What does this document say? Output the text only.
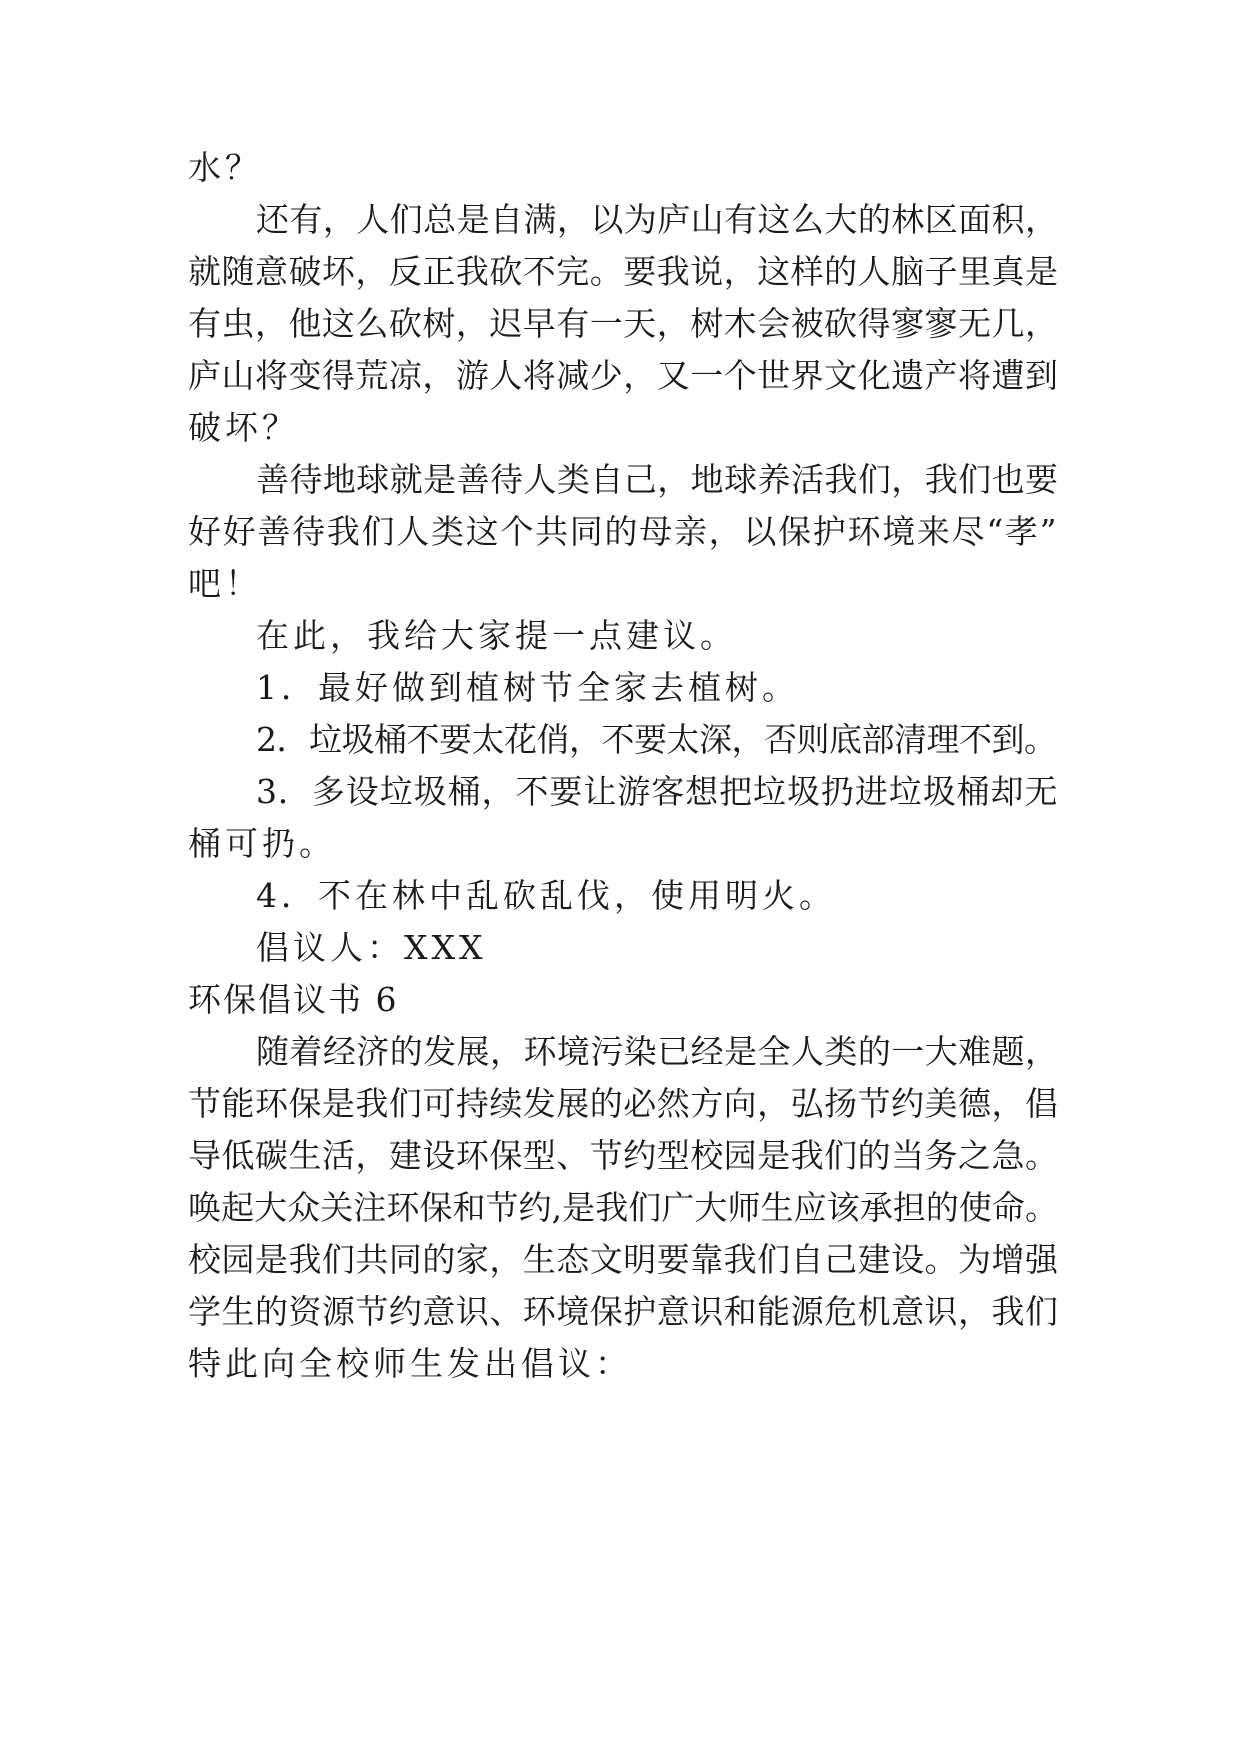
水？
还有，人们总是自满，以为庐山有这么大的林区面积，
就随意破坏，反正我砍不完。要我说，这样的人脑子里真是
有虫，他这么砍树，迟早有一天，树木会被砍得寥寥无几，
庐山将变得荒凉，游人将减少，又一个世界文化遗产将遭到
破坏？
善待地球就是善待人类自己，地球养活我们，我们也要
好好善待我们人类这个共同的母亲，以保护环境来尽“孝”
吧！
在此，我给大家提一点建议。
1．最好做到植树节全家去植树。
2．垃圾桶不要太花俏，不要太深，否则底部清理不到。
3．多设垃圾桶，不要让游客想把垃圾扔进垃圾桶却无
桶可扔。
4．不在林中乱砍乱伐，使用明火。
倡议人：XXX
环保倡议书 6
随着经济的发展，环境污染已经是全人类的一大难题，
节能环保是我们可持续发展的必然方向，弘扬节约美德，倡
导低碳生活，建设环保型、节约型校园是我们的当务之急。
唤起大众关注环保和节约,是我们广大师生应该承担的使命。
校园是我们共同的家，生态文明要靠我们自己建设。为增强
学生的资源节约意识、环境保护意识和能源危机意识，我们
特此向全校师生发出倡议：
